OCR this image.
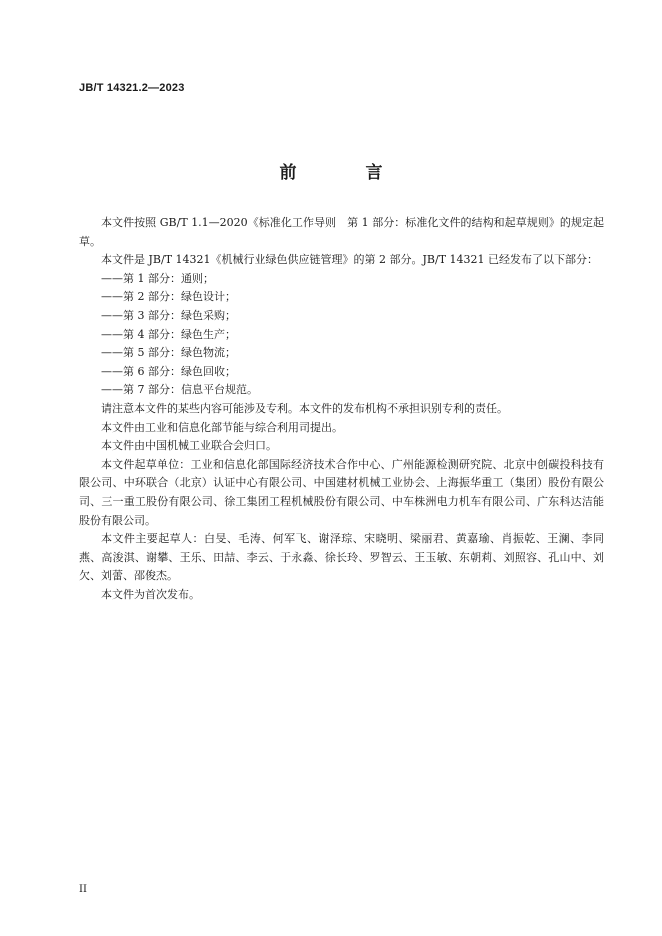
JB/T 14321.2—2023
前　言

本文件按照 GB/T 1.1—2020《标准化工作导则　第 1 部分：标准化文件的结构和起草规则》的规定起草。

本文件是 JB/T 14321《机械行业绿色供应链管理》的第 2 部分。JB/T 14321 已经发布了以下部分：

——第 1 部分：通则；

——第 2 部分：绿色设计；

——第 3 部分：绿色采购；

——第 4 部分：绿色生产；

——第 5 部分：绿色物流；

——第 6 部分：绿色回收；

——第 7 部分：信息平台规范。

请注意本文件的某些内容可能涉及专利。本文件的发布机构不承担识别专利的责任。

本文件由工业和信息化部节能与综合利用司提出。

本文件由中国机械工业联合会归口。

本文件起草单位：工业和信息化部国际经济技术合作中心、广州能源检测研究院、北京中创碳投科技有限公司、中环联合（北京）认证中心有限公司、中国建材机械工业协会、上海振华重工（集团）股份有限公司、三一重工股份有限公司、徐工集团工程机械股份有限公司、中车株洲电力机车有限公司、广东科达洁能股份有限公司。

本文件主要起草人：白旻、毛涛、何军飞、谢泽琮、宋晓明、梁丽君、黄嘉瑜、肖振乾、王澜、李同燕、高浚淇、谢攀、王乐、田喆、李云、于永淼、徐长玲、罗智云、王玉敏、东朝莉、刘照容、孔山中、刘欠、刘蕾、邵俊杰。

本文件为首次发布。

II
